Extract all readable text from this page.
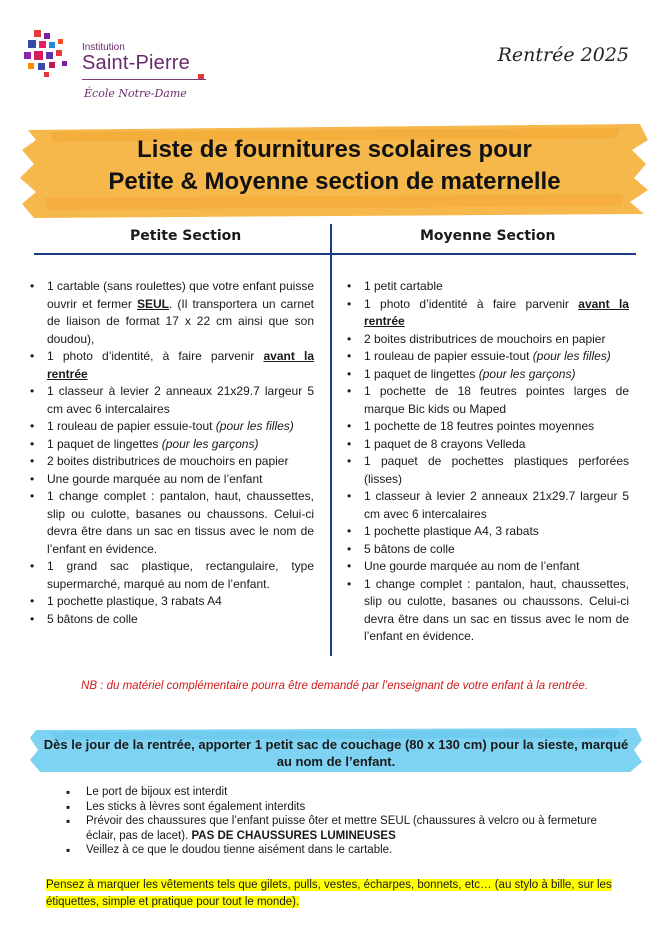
Institution
Saint-Pierre
École Notre-Dame
Rentrée 2025
Liste de fournitures scolaires pour
Petite & Moyenne section de maternelle
Petite Section	Moyenne Section
• 1 cartable (sans roulettes) que votre enfant puisse ouvrir et fermer SEUL. (Il transportera un carnet de liaison de format 17 x 22 cm ainsi que son doudou),
• 1 photo d’identité, à faire parvenir avant la rentrée
• 1 classeur à levier 2 anneaux 21x29.7 largeur 5 cm avec 6 intercalaires
• 1 rouleau de papier essuie-tout (pour les filles)
• 1 paquet de lingettes (pour les garçons)
• 2 boites distributrices de mouchoirs en papier
• Une gourde marquée au nom de l’enfant
• 1 change complet : pantalon, haut, chaussettes, slip ou culotte, basanes ou chaussons. Celui-ci devra être dans un sac en tissus avec le nom de l’enfant en évidence.
• 1 grand sac plastique, rectangulaire, type supermarché, marqué au nom de l’enfant.
• 1 pochette plastique, 3 rabats A4
• 5 bâtons de colle
• 1 petit cartable
• 1 photo d’identité à faire parvenir avant la rentrée
• 2 boites distributrices de mouchoirs en papier
• 1 rouleau de papier essuie-tout (pour les filles)
• 1 paquet de lingettes (pour les garçons)
• 1 pochette de 18 feutres pointes larges de marque Bic kids ou Maped
• 1 pochette de 18 feutres pointes moyennes
• 1 paquet de 8 crayons Velleda
• 1 paquet de pochettes plastiques perforées (lisses)
• 1 classeur à levier 2 anneaux 21x29.7 largeur 5 cm avec 6 intercalaires
• 1 pochette plastique A4, 3 rabats
• 5 bâtons de colle
• Une gourde marquée au nom de l’enfant
• 1 change complet : pantalon, haut, chaussettes, slip ou culotte, basanes ou chaussons. Celui-ci devra être dans un sac en tissus avec le nom de l’enfant en évidence.
NB : du matériel complémentaire pourra être demandé par l’enseignant de votre enfant à la rentrée.
Dès le jour de la rentrée, apporter 1 petit sac de couchage (80 x 130 cm) pour la sieste, marqué au nom de l’enfant.
▪ Le port de bijoux est interdit
▪ Les sticks à lèvres sont également interdits
▪ Prévoir des chaussures que l’enfant puisse ôter et mettre SEUL (chaussures à velcro ou à fermeture éclair, pas de lacet). PAS DE CHAUSSURES LUMINEUSES
▪ Veillez à ce que le doudou tienne aisément dans le cartable.
Pensez à marquer les vêtements tels que gilets, pulls, vestes, écharpes, bonnets, etc… (au stylo à bille, sur les étiquettes, simple et pratique pour tout le monde).
